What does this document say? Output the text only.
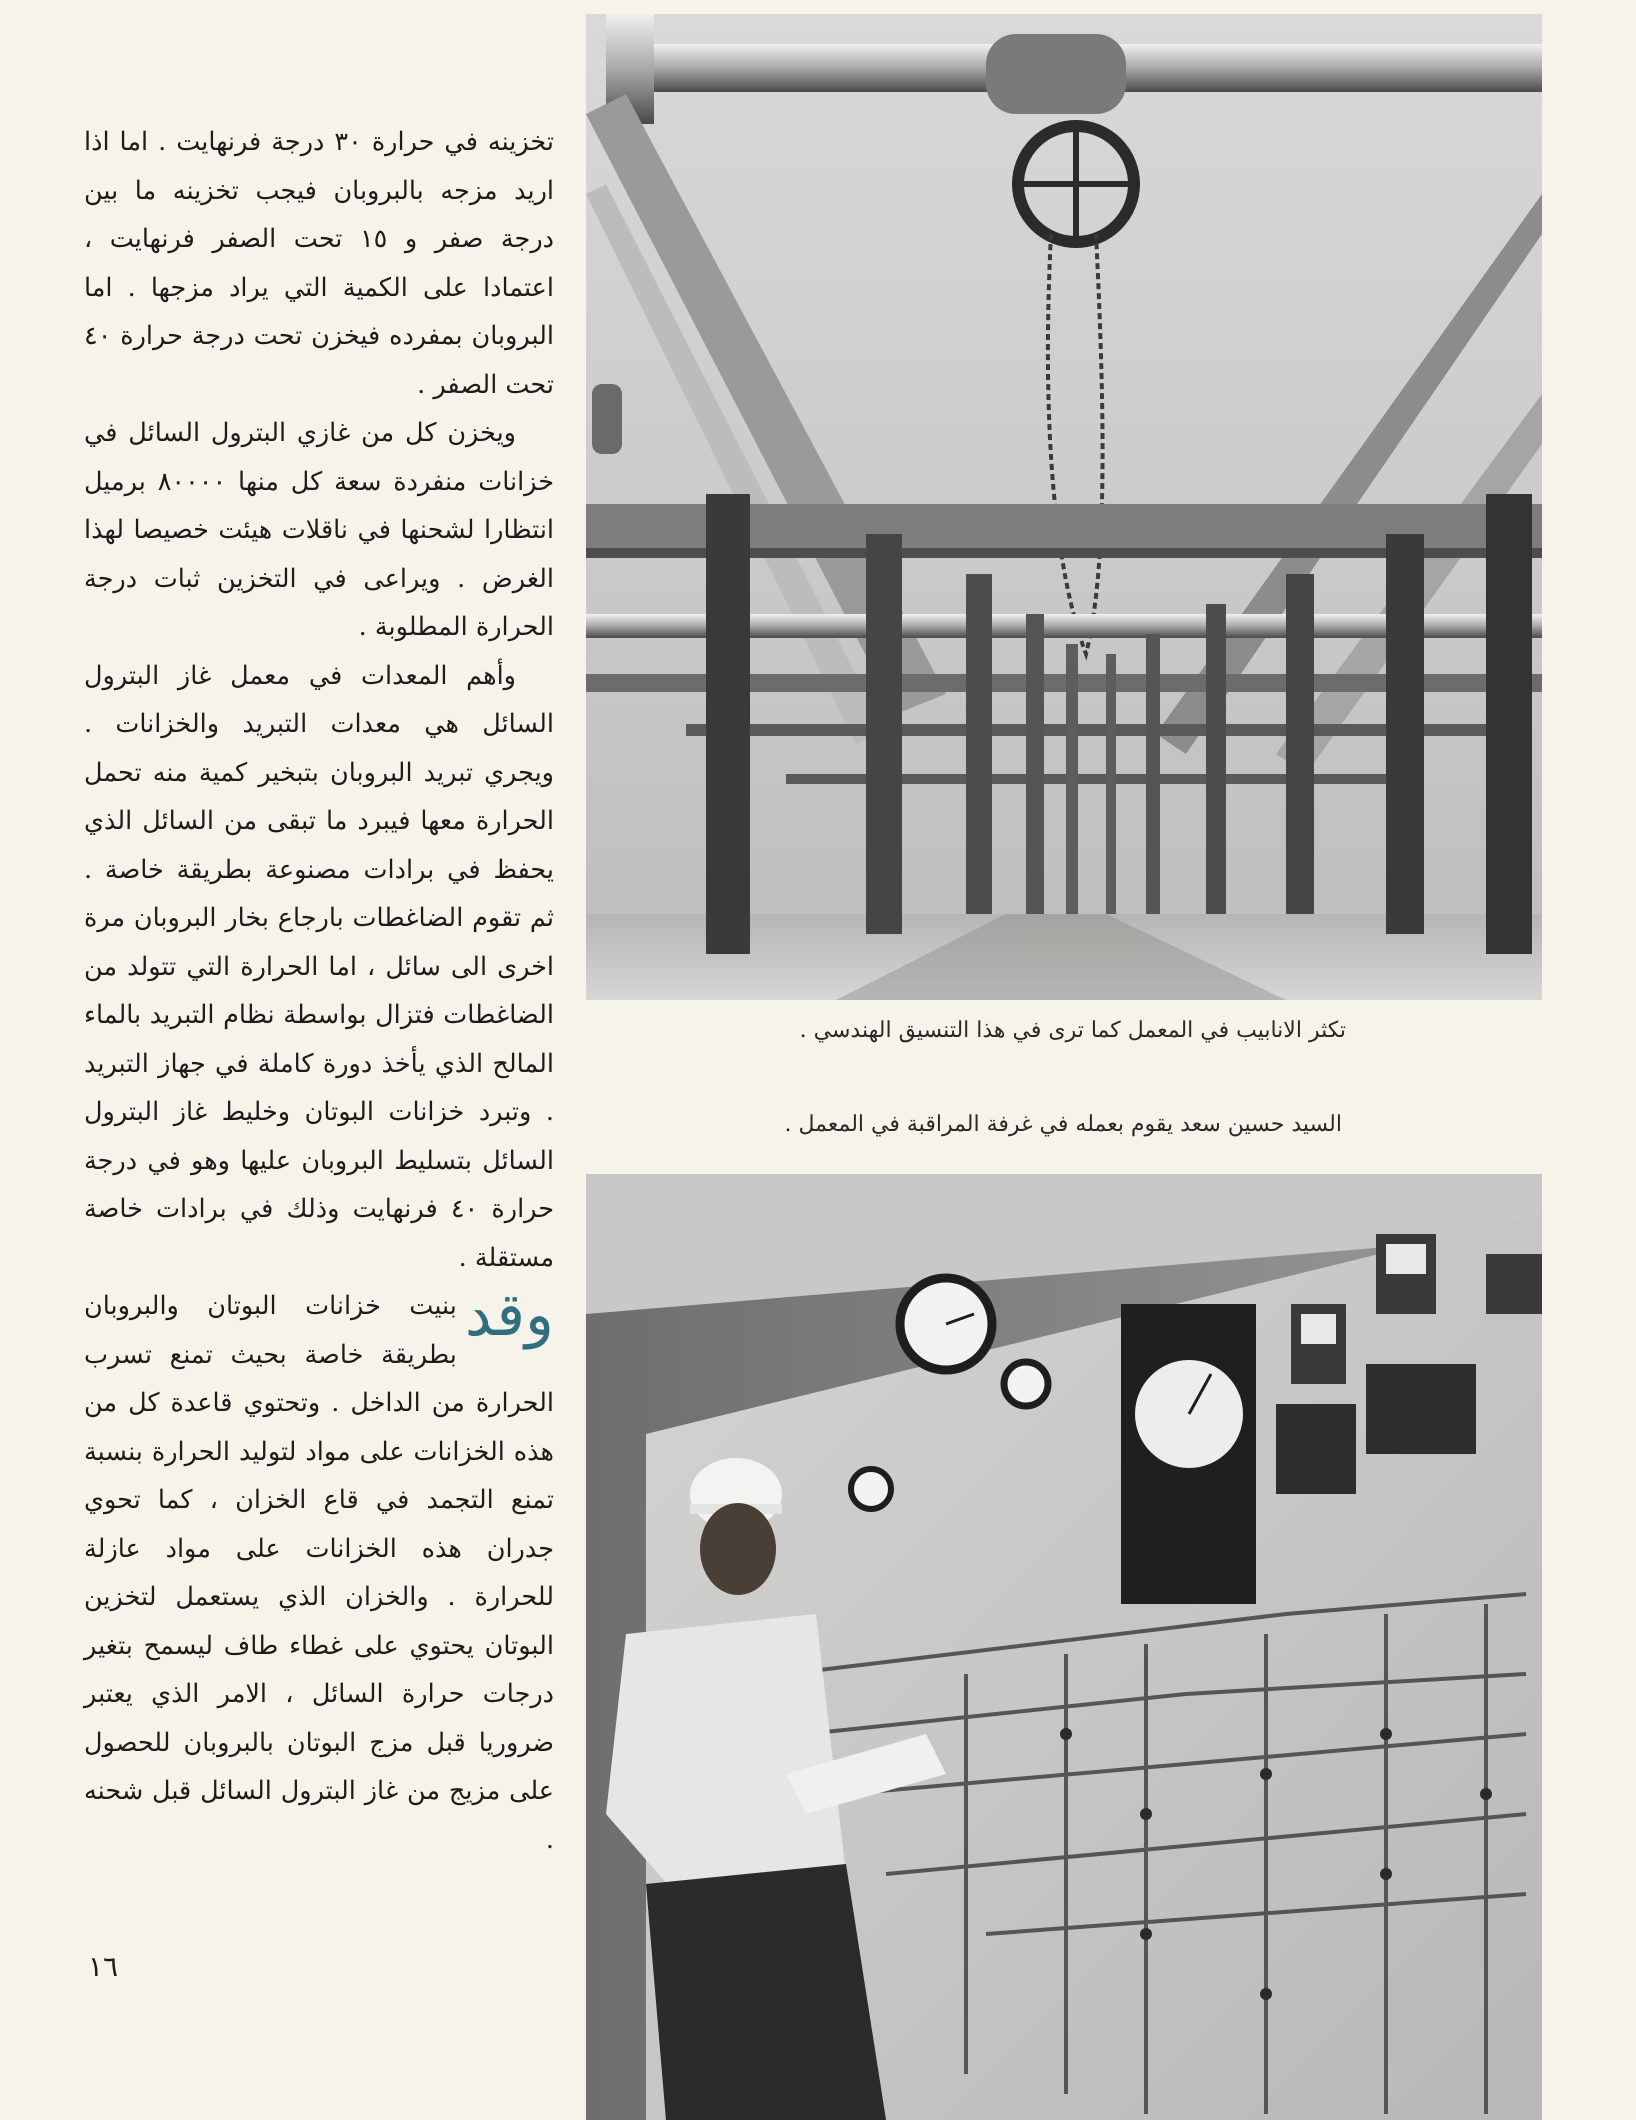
تخزينه في حرارة ٣٠ درجة فرنهايت . اما اذا اريد مزجه بالبروبان فيجب تخزينه ما بين درجة صفر و ١٥ تحت الصفر فرنهايت ، اعتمادا على الكمية التي يراد مزجها . اما البروبان بمفرده فيخزن تحت درجة حرارة ٤٠ تحت الصفر .

ويخزن كل من غازي البترول السائل في خزانات منفردة سعة كل منها ٨٠٠٠٠ برميل انتظارا لشحنها في ناقلات هيئت خصيصا لهذا الغرض . ويراعى في التخزين ثبات درجة الحرارة المطلوبة .

وأهم المعدات في معمل غاز البترول السائل هي معدات التبريد والخزانات . ويجري تبريد البروبان بتبخير كمية منه تحمل الحرارة معها فيبرد ما تبقى من السائل الذي يحفظ في برادات مصنوعة بطريقة خاصة . ثم تقوم الضاغطات بارجاع بخار البروبان مرة اخرى الى سائل ، اما الحرارة التي تتولد من الضاغطات فتزال بواسطة نظام التبريد بالماء المالح الذي يأخذ دورة كاملة في جهاز التبريد . وتبرد خزانات البوتان وخليط غاز البترول السائل بتسليط البروبان عليها وهو في درجة حرارة ٤٠ فرنهايت وذلك في برادات خاصة مستقلة .

وقد
بنيت خزانات البوتان والبروبان بطريقة خاصة بحيث تمنع تسرب الحرارة من الداخل . وتحتوي قاعدة كل من هذه الخزانات على مواد لتوليد الحرارة بنسبة تمنع التجمد في قاع الخزان ، كما تحوي جدران هذه الخزانات على مواد عازلة للحرارة . والخزان الذي يستعمل لتخزين البوتان يحتوي على غطاء طاف ليسمح بتغير درجات حرارة السائل ، الامر الذي يعتبر ضروريا قبل مزج البوتان بالبروبان للحصول على مزيج من غاز البترول السائل قبل شحنه .

١٦
تكثر الانابيب في المعمل كما ترى في هذا التنسيق الهندسي .
السيد حسين سعد يقوم بعمله في غرفة المراقبة في المعمل .
